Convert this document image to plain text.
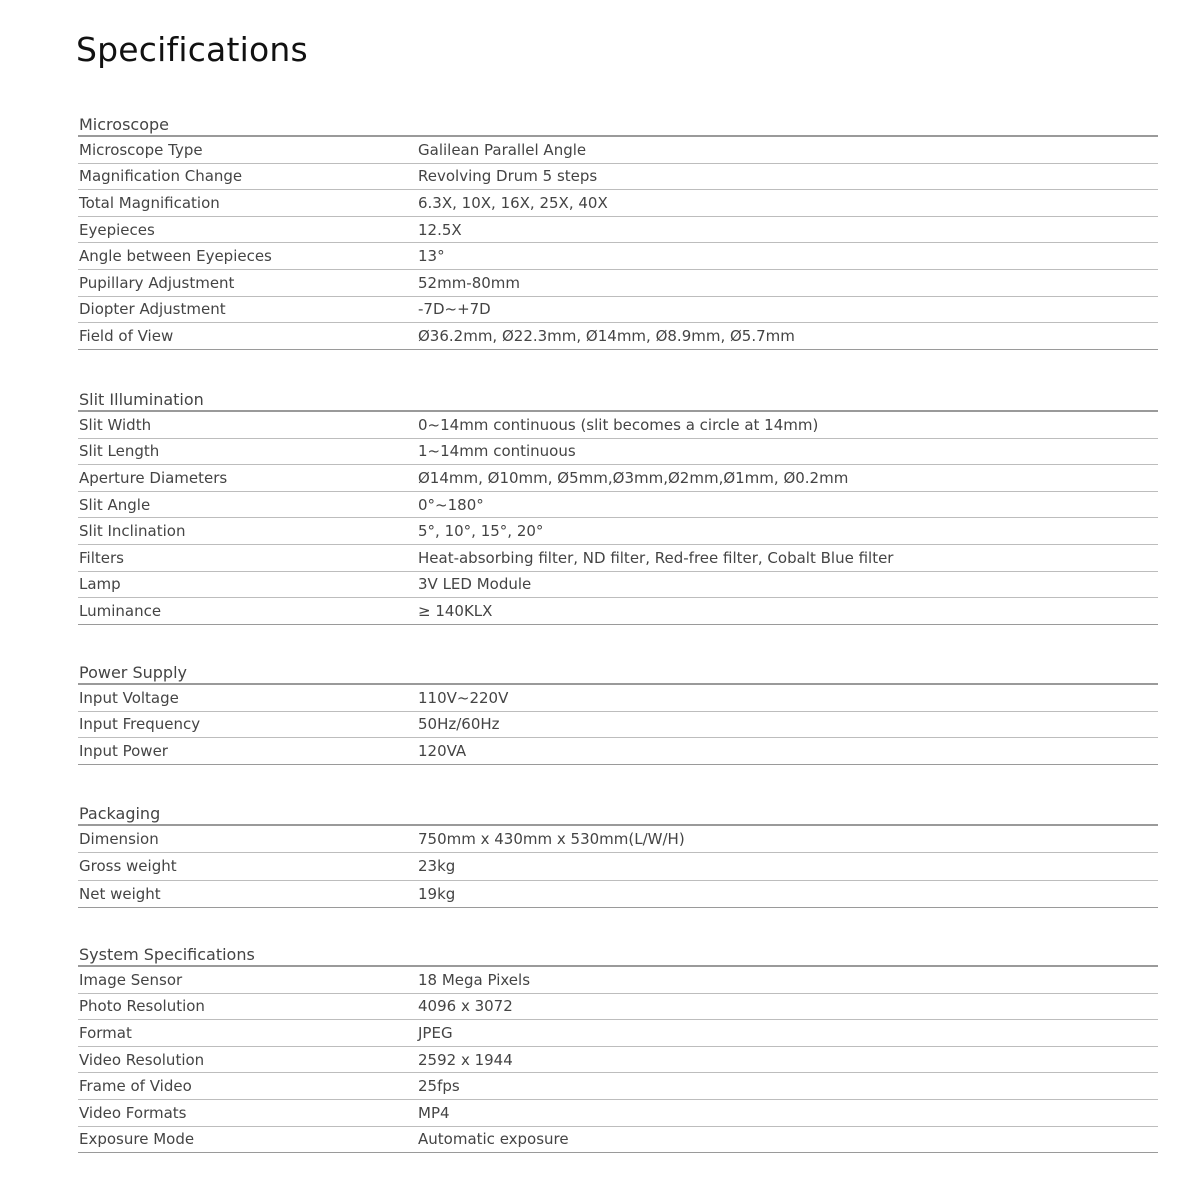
Specifications
Microscope
Microscope Type	Galilean Parallel Angle
Magnification Change	Revolving Drum 5 steps
Total Magnification	6.3X, 10X, 16X, 25X, 40X
Eyepieces	12.5X
Angle between Eyepieces	13°
Pupillary Adjustment	52mm-80mm
Diopter Adjustment	-7D~+7D
Field of View	Ø36.2mm, Ø22.3mm, Ø14mm, Ø8.9mm, Ø5.7mm
Slit Illumination
Slit Width	0~14mm continuous (slit becomes a circle at 14mm)
Slit Length	1~14mm continuous
Aperture Diameters	Ø14mm, Ø10mm, Ø5mm,Ø3mm,Ø2mm,Ø1mm, Ø0.2mm
Slit Angle	0°~180°
Slit Inclination	5°, 10°, 15°, 20°
Filters	Heat-absorbing filter, ND filter, Red-free filter, Cobalt Blue filter
Lamp	3V LED Module
Luminance	≥ 140KLX
Power Supply
Input Voltage	110V~220V
Input Frequency	50Hz/60Hz
Input Power	120VA
Packaging
Dimension	750mm x 430mm x 530mm(L/W/H)
Gross weight	23kg
Net weight	19kg
System Specifications
Image Sensor	18 Mega Pixels
Photo Resolution	4096 x 3072
Format	JPEG
Video Resolution	2592 x 1944
Frame of Video	25fps
Video Formats	MP4
Exposure Mode	Automatic exposure
